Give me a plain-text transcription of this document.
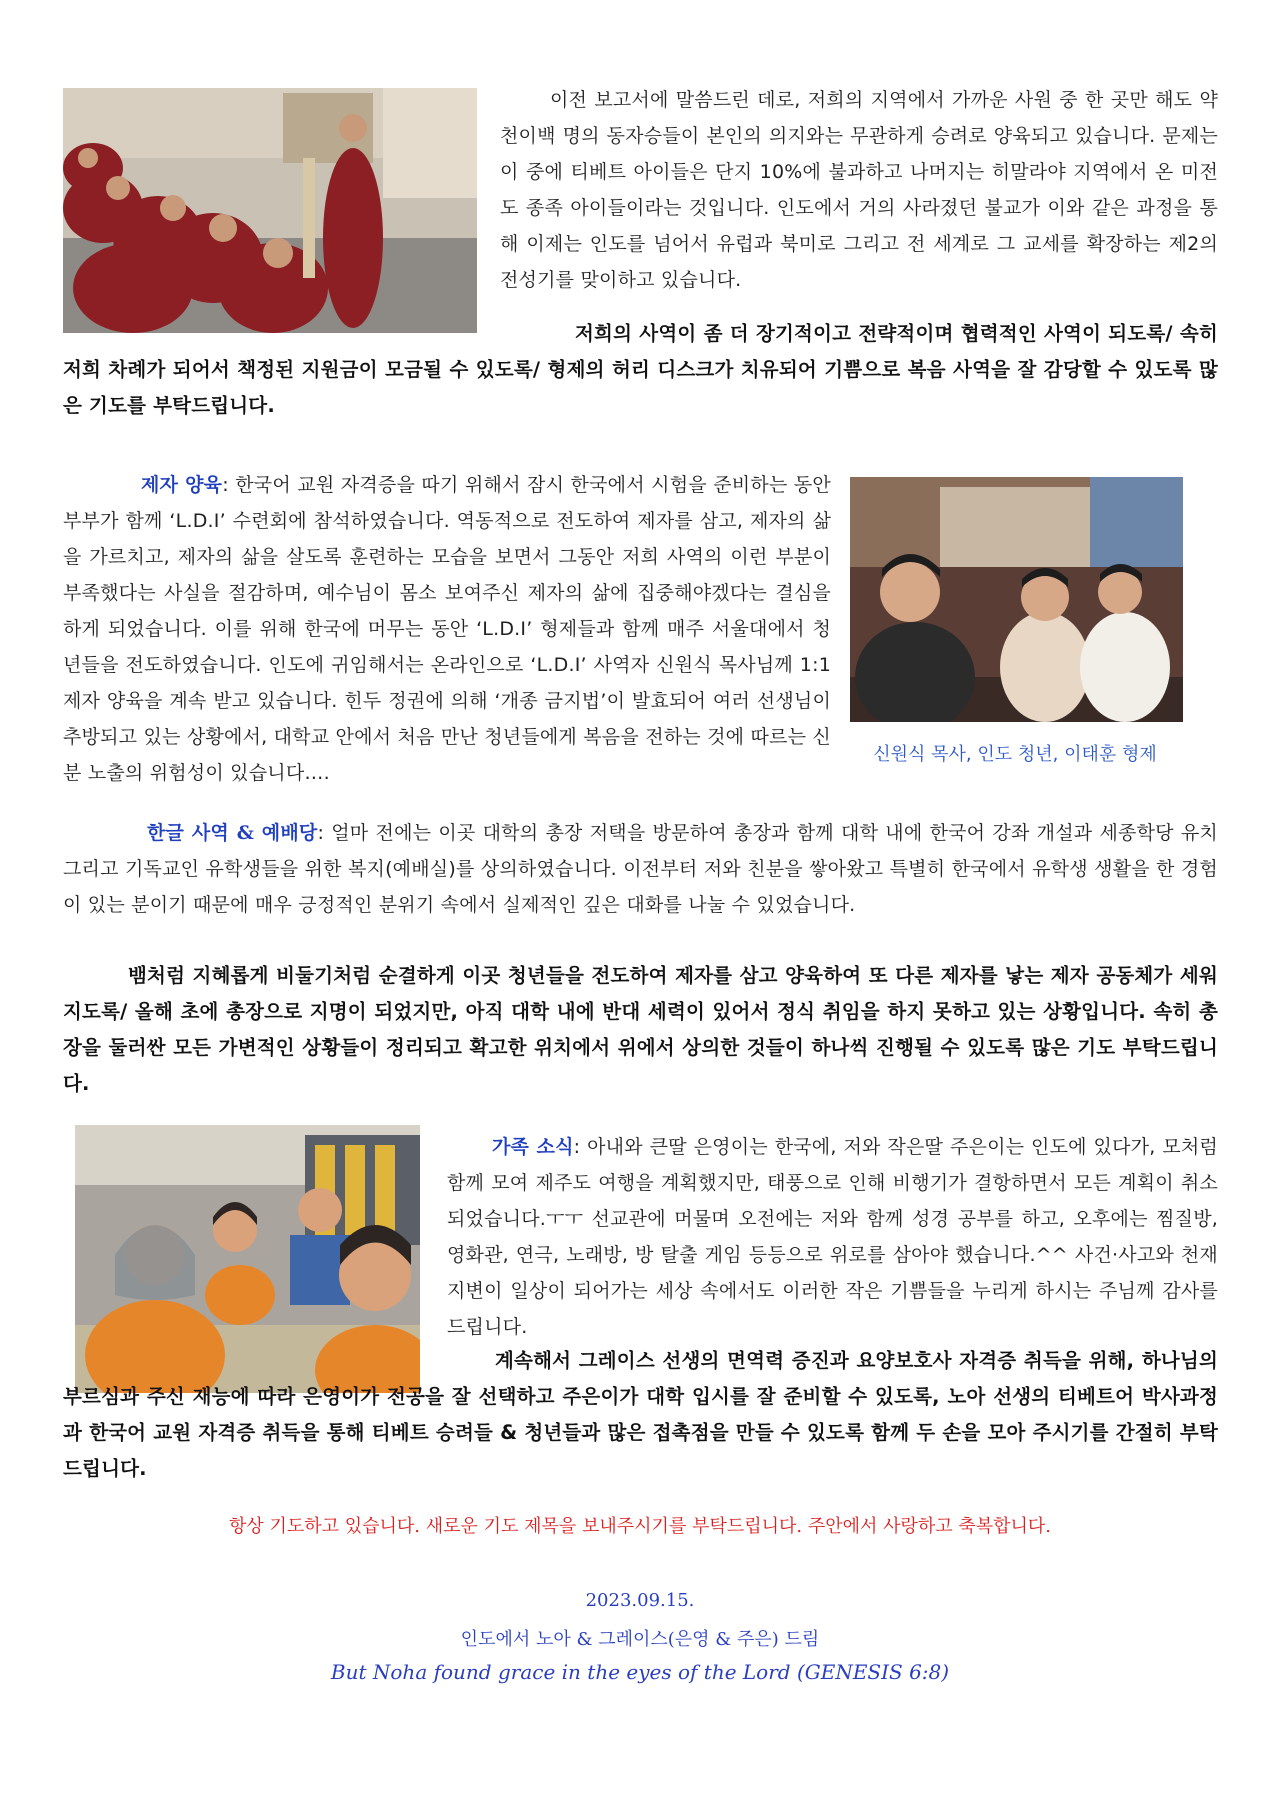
이전 보고서에 말씀드린 데로, 저희의 지역에서 가까운 사원 중 한 곳만 해도 약 천이백 명의 동자승들이 본인의 의지와는 무관하게 승려로 양육되고 있습니다. 문제는 이 중에 티베트 아이들은 단지 10%에 불과하고 나머지는 히말라야 지역에서 온 미전도 종족 아이들이라는 것입니다. 인도에서 거의 사라졌던 불교가 이와 같은 과정을 통해 이제는 인도를 넘어서 유럽과 북미로 그리고 전 세계로 그 교세를 확장하는 제2의 전성기를 맞이하고 있습니다.
저희의 사역이 좀 더 장기적이고 전략적이며 협력적인 사역이 되도록/ 속히 저희 차례가 되어서 책정된 지원금이 모금될 수 있도록/ 형제의 허리 디스크가 치유되어 기쁨으로 복음 사역을 잘 감당할 수 있도록 많은 기도를 부탁드립니다.
신원식 목사, 인도 청년, 이태훈 형제
제자 양육: 한국어 교원 자격증을 따기 위해서 잠시 한국에서 시험을 준비하는 동안 부부가 함께 ‘L.D.I’ 수련회에 참석하였습니다. 역동적으로 전도하여 제자를 삼고, 제자의 삶을 가르치고, 제자의 삶을 살도록 훈련하는 모습을 보면서 그동안 저희 사역의 이런 부분이 부족했다는 사실을 절감하며, 예수님이 몸소 보여주신 제자의 삶에 집중해야겠다는 결심을 하게 되었습니다. 이를 위해 한국에 머무는 동안 ‘L.D.I’ 형제들과 함께 매주 서울대에서 청년들을 전도하였습니다. 인도에 귀임해서는 온라인으로 ‘L.D.I’ 사역자 신원식 목사님께 1:1 제자 양육을 계속 받고 있습니다. 힌두 정권에 의해 ‘개종 금지법’이 발효되어 여러 선생님이 추방되고 있는 상황에서, 대학교 안에서 처음 만난 청년들에게 복음을 전하는 것에 따르는 신분 노출의 위험성이 있습니다….
한글 사역 & 예배당: 얼마 전에는 이곳 대학의 총장 저택을 방문하여 총장과 함께 대학 내에 한국어 강좌 개설과 세종학당 유치 그리고 기독교인 유학생들을 위한 복지(예배실)를 상의하였습니다. 이전부터 저와 친분을 쌓아왔고 특별히 한국에서 유학생 생활을 한 경험이 있는 분이기 때문에 매우 긍정적인 분위기 속에서 실제적인 깊은 대화를 나눌 수 있었습니다.
뱀처럼 지혜롭게 비둘기처럼 순결하게 이곳 청년들을 전도하여 제자를 삼고 양육하여 또 다른 제자를 낳는 제자 공동체가 세워지도록/ 올해 초에 총장으로 지명이 되었지만, 아직 대학 내에 반대 세력이 있어서 정식 취임을 하지 못하고 있는 상황입니다. 속히 총장을 둘러싼 모든 가변적인 상황들이 정리되고 확고한 위치에서 위에서 상의한 것들이 하나씩 진행될 수 있도록 많은 기도 부탁드립니다.
가족 소식: 아내와 큰딸 은영이는 한국에, 저와 작은딸 주은이는 인도에 있다가, 모처럼 함께 모여 제주도 여행을 계획했지만, 태풍으로 인해 비행기가 결항하면서 모든 계획이 취소되었습니다.ㅜㅜ 선교관에 머물며 오전에는 저와 함께 성경 공부를 하고, 오후에는 찜질방, 영화관, 연극, 노래방, 방 탈출 게임 등등으로 위로를 삼아야 했습니다.^^ 사건·사고와 천재지변이 일상이 되어가는 세상 속에서도 이러한 작은 기쁨들을 누리게 하시는 주님께 감사를 드립니다.
계속해서 그레이스 선생의 면역력 증진과 요양보호사 자격증 취득을 위해, 하나님의 부르심과 주신 재능에 따라 은영이가 전공을 잘 선택하고 주은이가 대학 입시를 잘 준비할 수 있도록, 노아 선생의 티베트어 박사과정과 한국어 교원 자격증 취득을 통해 티베트 승려들 & 청년들과 많은 접촉점을 만들 수 있도록 함께 두 손을 모아 주시기를 간절히 부탁드립니다.
항상 기도하고 있습니다. 새로운 기도 제목을 보내주시기를 부탁드립니다. 주안에서 사랑하고 축복합니다.
2023.09.15.
인도에서 노아 & 그레이스(은영 & 주은) 드림
But Noha found grace in the eyes of the Lord (GENESIS 6:8)
